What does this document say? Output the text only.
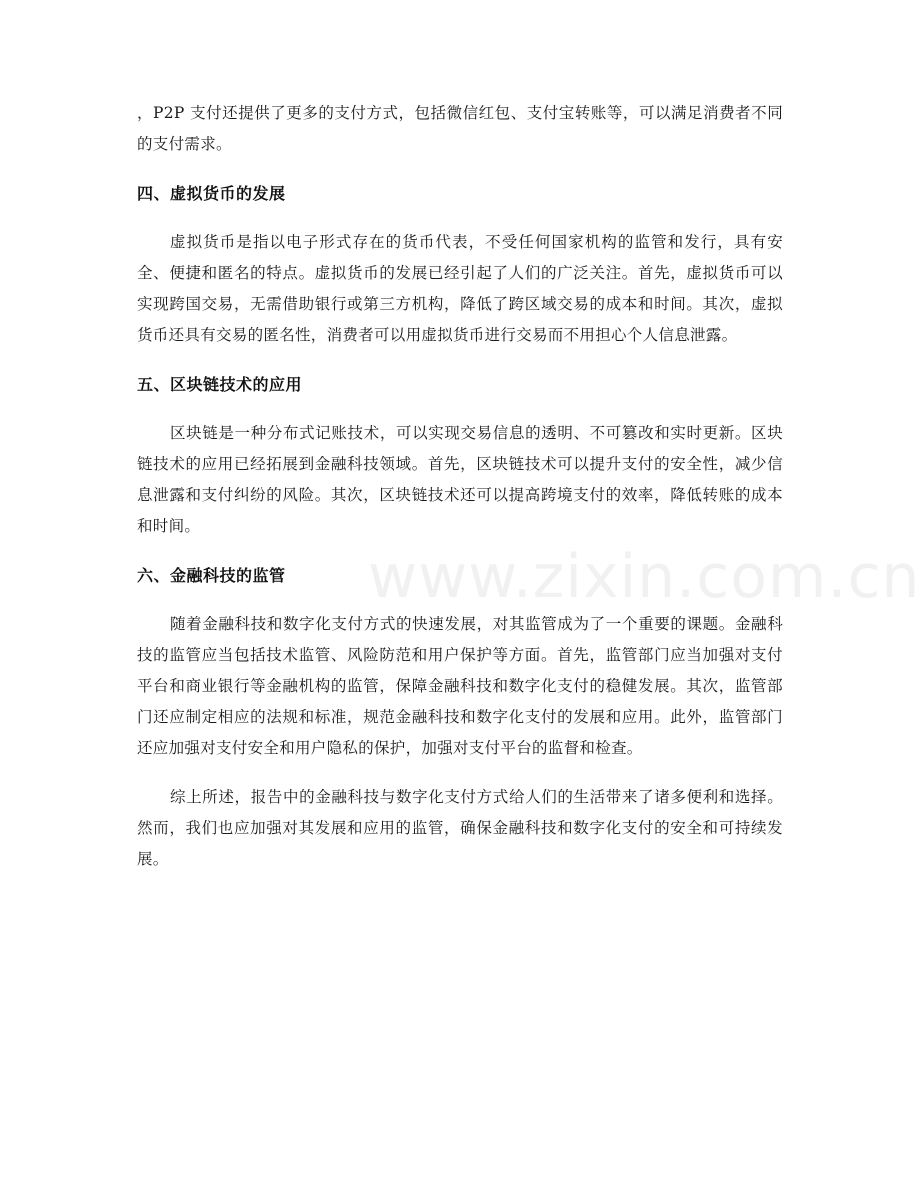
，P2P 支付还提供了更多的支付方式，包括微信红包、支付宝转账等，可以满足消费者不同的支付需求。

四、虚拟货币的发展

虚拟货币是指以电子形式存在的货币代表，不受任何国家机构的监管和发行，具有安全、便捷和匿名的特点。虚拟货币的发展已经引起了人们的广泛关注。首先，虚拟货币可以实现跨国交易，无需借助银行或第三方机构，降低了跨区域交易的成本和时间。其次，虚拟货币还具有交易的匿名性，消费者可以用虚拟货币进行交易而不用担心个人信息泄露。

五、区块链技术的应用

区块链是一种分布式记账技术，可以实现交易信息的透明、不可篡改和实时更新。区块链技术的应用已经拓展到金融科技领域。首先，区块链技术可以提升支付的安全性，减少信息泄露和支付纠纷的风险。其次，区块链技术还可以提高跨境支付的效率，降低转账的成本和时间。

六、金融科技的监管

随着金融科技和数字化支付方式的快速发展，对其监管成为了一个重要的课题。金融科技的监管应当包括技术监管、风险防范和用户保护等方面。首先，监管部门应当加强对支付平台和商业银行等金融机构的监管，保障金融科技和数字化支付的稳健发展。其次，监管部门还应制定相应的法规和标准，规范金融科技和数字化支付的发展和应用。此外，监管部门还应加强对支付安全和用户隐私的保护，加强对支付平台的监督和检查。

综上所述，报告中的金融科技与数字化支付方式给人们的生活带来了诸多便利和选择。然而，我们也应加强对其发展和应用的监管，确保金融科技和数字化支付的安全和可持续发展。

www.zixin.com.cn
